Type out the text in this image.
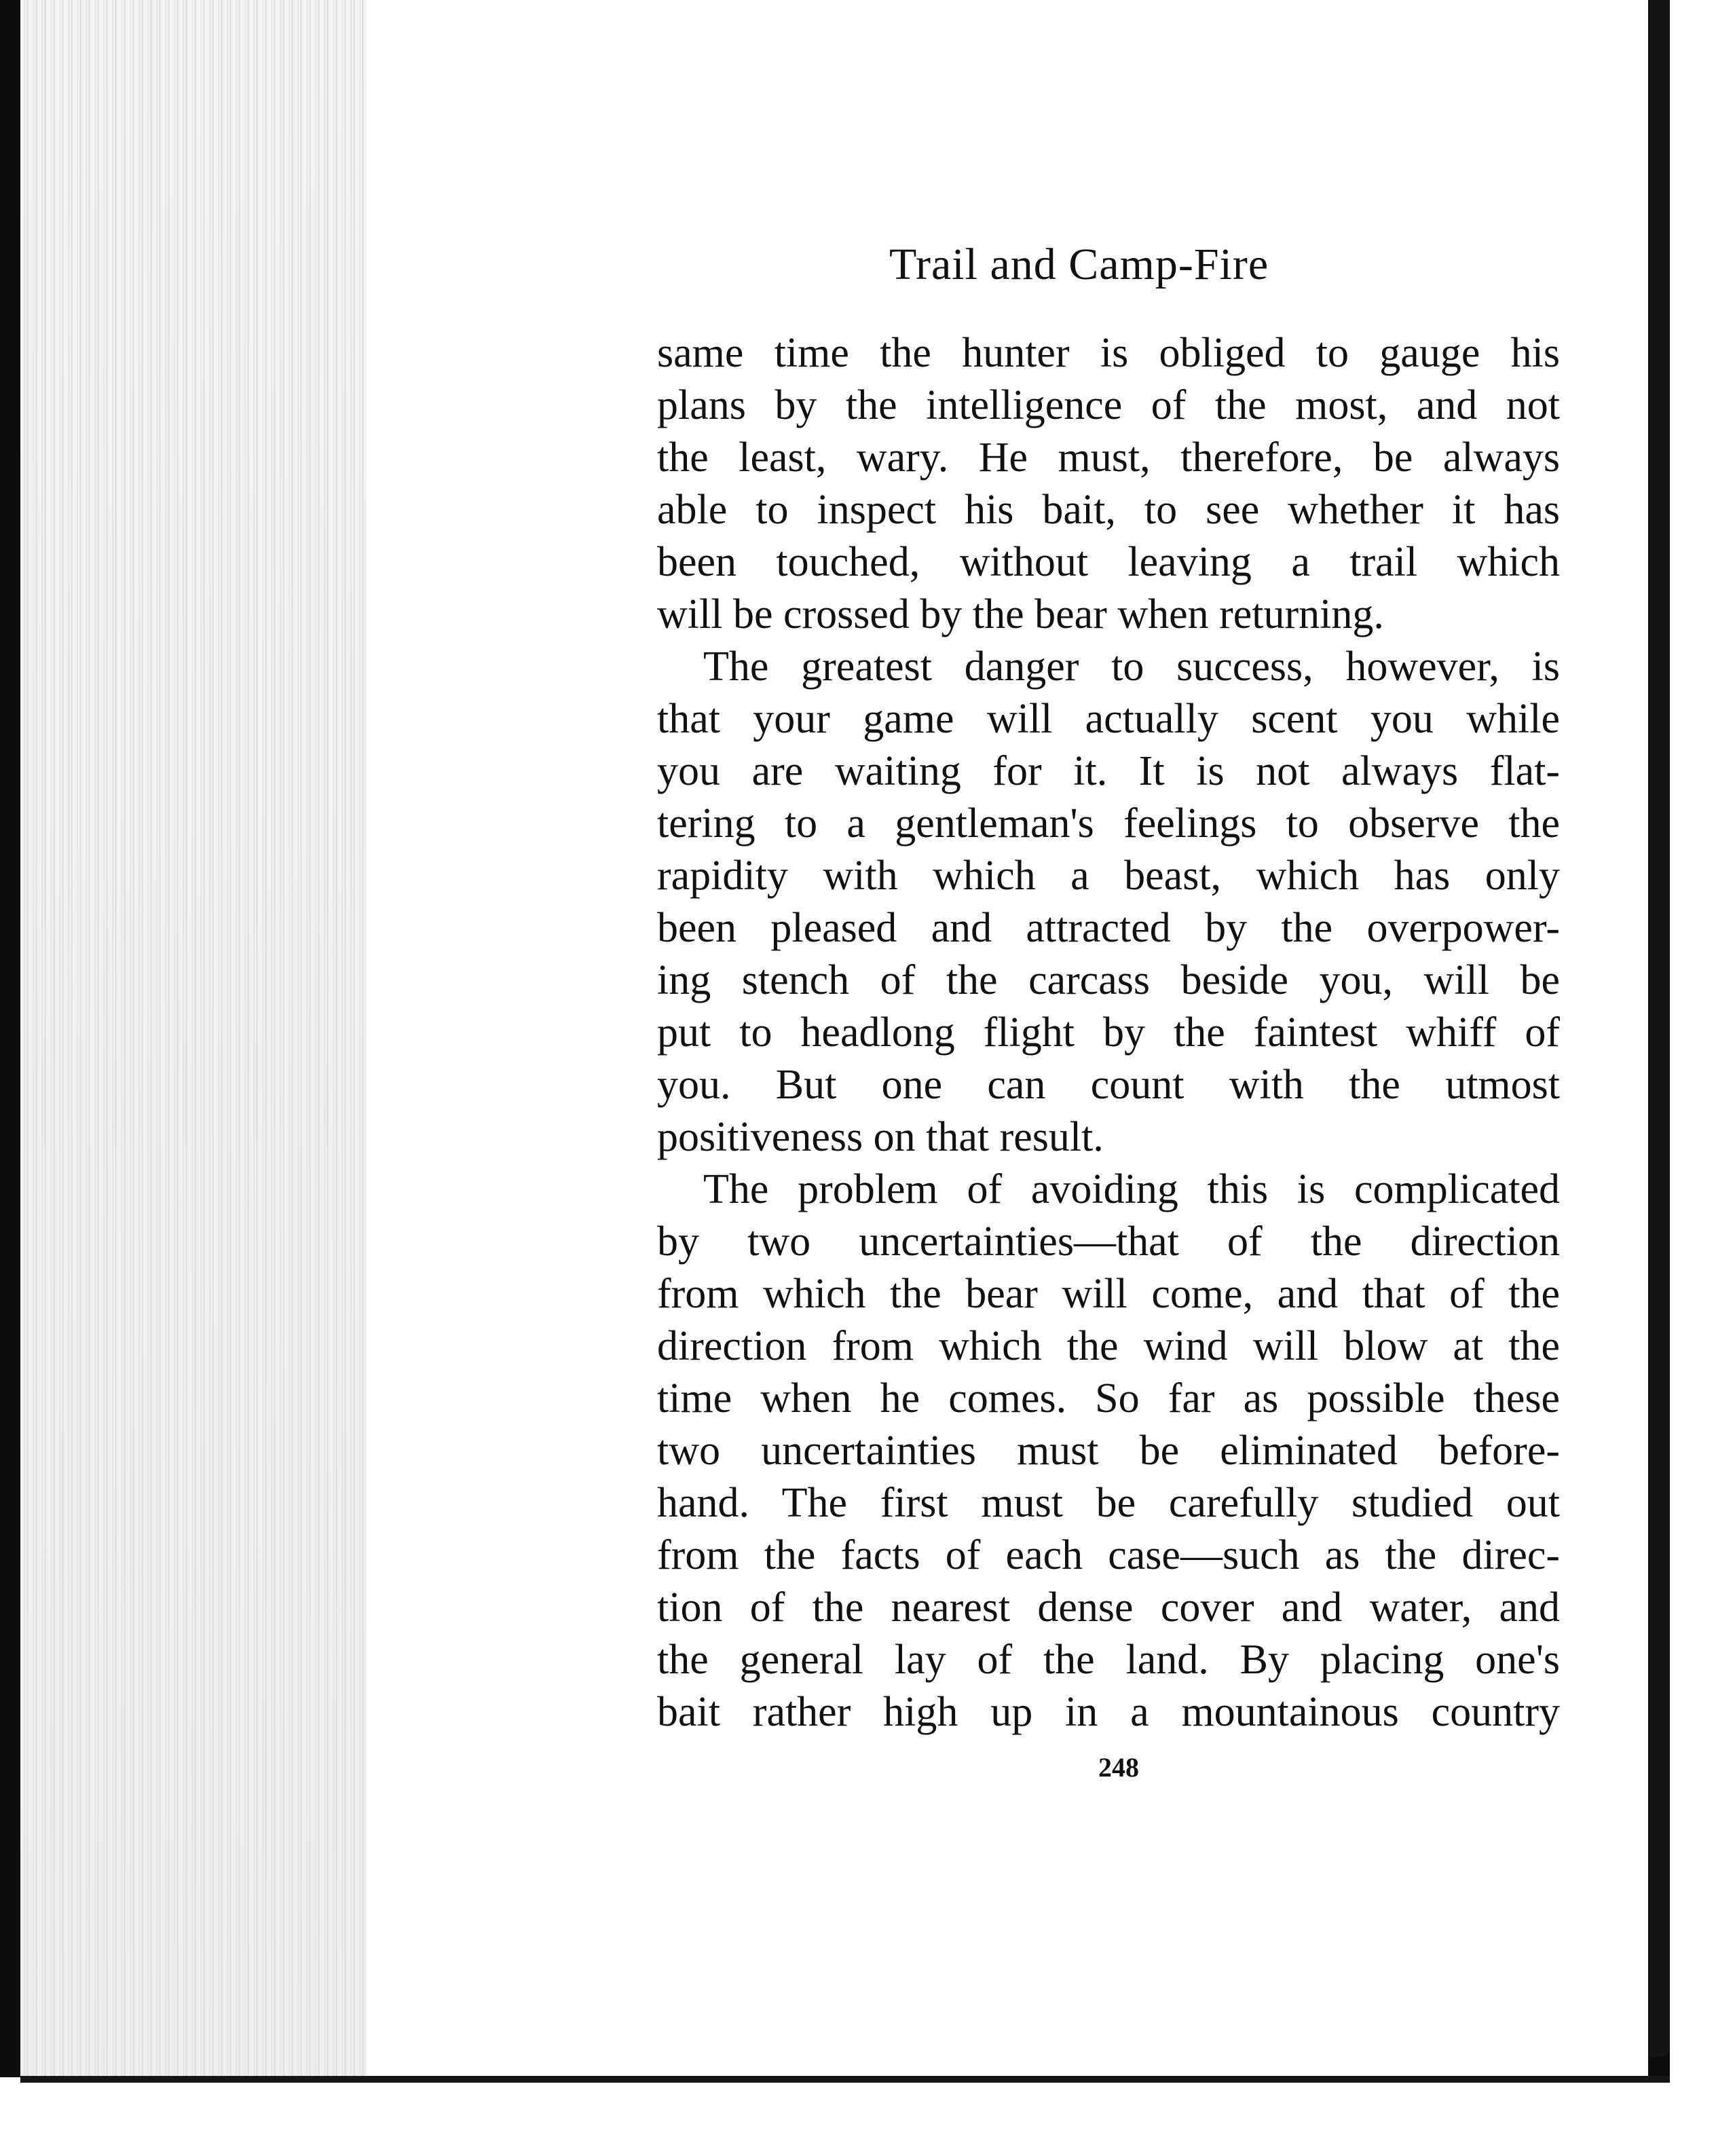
Trail and Camp-Fire
same time the hunter is obliged to gauge his
plans by the intelligence of the most, and not
the least, wary. He must, therefore, be always
able to inspect his bait, to see whether it has
been touched, without leaving a trail which
will be crossed by the bear when returning.
The greatest danger to success, however, is
that your game will actually scent you while
you are waiting for it. It is not always flat-
tering to a gentleman's feelings to observe the
rapidity with which a beast, which has only
been pleased and attracted by the overpower-
ing stench of the carcass beside you, will be
put to headlong flight by the faintest whiff of
you. But one can count with the utmost
positiveness on that result.
The problem of avoiding this is complicated
by two uncertainties—that of the direction
from which the bear will come, and that of the
direction from which the wind will blow at the
time when he comes. So far as possible these
two uncertainties must be eliminated before-
hand. The first must be carefully studied out
from the facts of each case—such as the direc-
tion of the nearest dense cover and water, and
the general lay of the land. By placing one's
bait rather high up in a mountainous country
248
